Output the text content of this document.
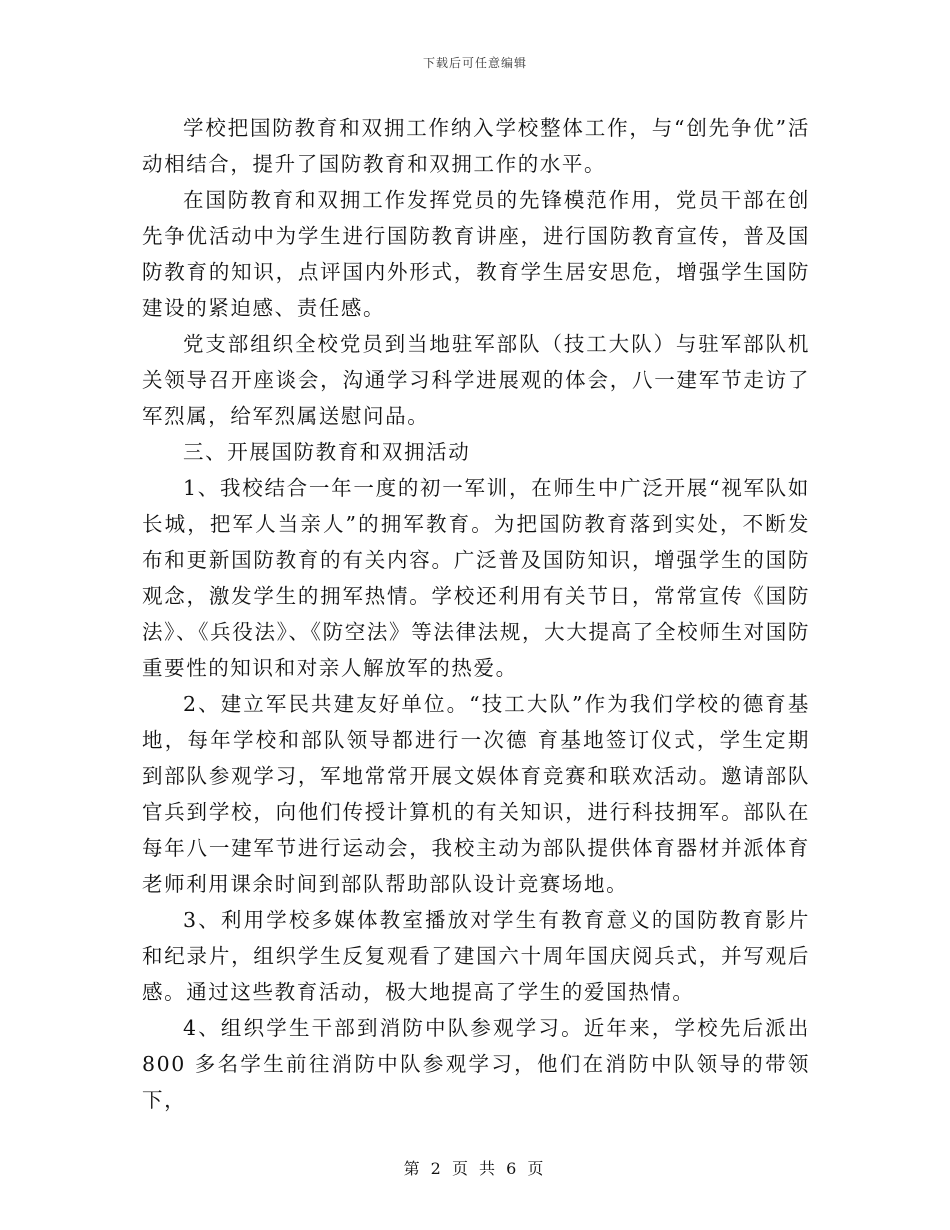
下载后可任意编辑

学校把国防教育和双拥工作纳入学校整体工作，与“创先争优”活动相结合，提升了国防教育和双拥工作的水平。

在国防教育和双拥工作发挥党员的先锋模范作用，党员干部在创先争优活动中为学生进行国防教育讲座，进行国防教育宣传，普及国防教育的知识，点评国内外形式，教育学生居安思危，增强学生国防建设的紧迫感、责任感。

党支部组织全校党员到当地驻军部队（技工大队）与驻军部队机关领导召开座谈会，沟通学习科学进展观的体会，八一建军节走访了军烈属，给军烈属送慰问品。

三、开展国防教育和双拥活动

1、我校结合一年一度的初一军训，在师生中广泛开展“视军队如长城，把军人当亲人”的拥军教育。为把国防教育落到实处，不断发布和更新国防教育的有关内容。广泛普及国防知识，增强学生的国防观念，激发学生的拥军热情。学校还利用有关节日，常常宣传《国防法》、《兵役法》、《防空法》等法律法规，大大提高了全校师生对国防重要性的知识和对亲人解放军的热爱。

2、建立军民共建友好单位。“技工大队”作为我们学校的德育基地，每年学校和部队领导都进行一次德 育基地签订仪式，学生定期到部队参观学习，军地常常开展文娱体育竞赛和联欢活动。邀请部队官兵到学校，向他们传授计算机的有关知识，进行科技拥军。部队在每年八一建军节进行运动会，我校主动为部队提供体育器材并派体育老师利用课余时间到部队帮助部队设计竞赛场地。

3、利用学校多媒体教室播放对学生有教育意义的国防教育影片和纪录片，组织学生反复观看了建国六十周年国庆阅兵式，并写观后感。通过这些教育活动，极大地提高了学生的爱国热情。

4、组织学生干部到消防中队参观学习。近年来，学校先后派出800 多名学生前往消防中队参观学习，他们在消防中队领导的带领下，

第 2 页 共 6 页
